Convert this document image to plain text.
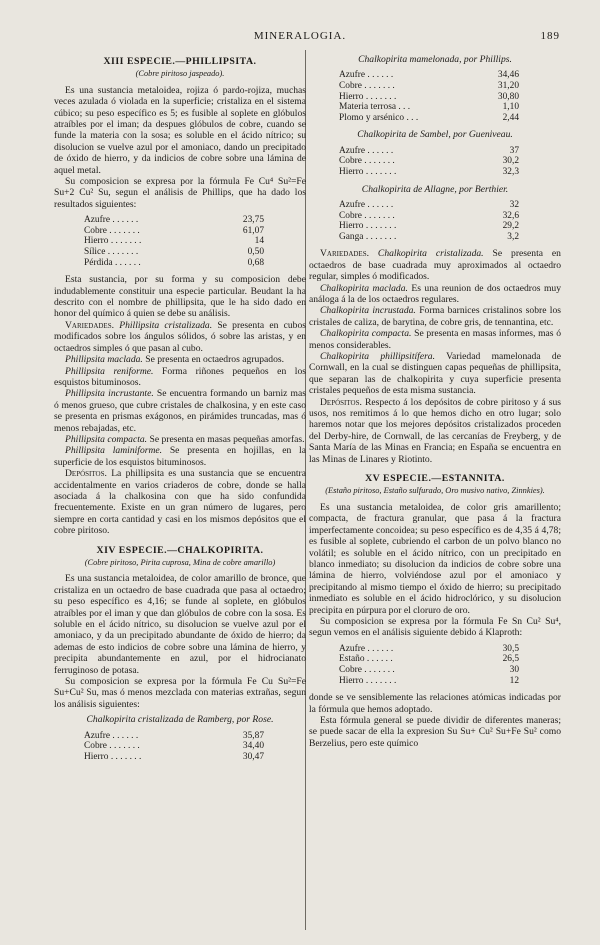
MINERALOGIA.	189
XIII ESPECIE.—PHILLIPSITA.
(Cobre piritoso jaspeado).

Es una sustancia metaloidea, rojiza ó pardo-rojiza, muchas veces azulada ó violada en la superficie; cristaliza en el sistema cúbico; su peso específico es 5; es fusible al soplete en glóbulos atraíbles por el iman; da despues glóbulos de cobre, cuando se funde la materia con la sosa; es soluble en el ácido nítrico; su disolucion se vuelve azul por el amoniaco, dando un precipitado de óxido de hierro, y da indicios de cobre sobre una lámina de aquel metal.

Su composicion se expresa por la fórmula Fe Cu⁴ Su²=Fe Su+2 Cu² Su, segun el análisis de Phillips, que ha dado los resultados siguientes:

Azufre . . . . . .	23,75
Cobre . . . . . . .	61,07
Hierro . . . . . . .	14
Sílice . . . . . . .	0,50
Pérdida . . . . . .	0,68

Esta sustancia, por su forma y su composicion debe indudablemente constituir una especie particular. Beudant la ha descrito con el nombre de phillipsita, que le ha sido dado en honor del químico á quien se debe su análisis.

Variedades. Phillipsita cristalizada. Se presenta en cubos modificados sobre los ángulos sólidos, ó sobre las aristas, y en octaedros simples ó que pasan al cubo.

Phillipsita maclada. Se presenta en octaedros agrupados.

Phillipsita reniforme. Forma riñones pequeños en los esquistos bituminosos.

Phillipsita incrustante. Se encuentra formando un barniz mas ó menos grueso, que cubre cristales de chalkosina, y en este caso se presenta en prismas exágonos, en pirámides truncadas, mas ó menos rebajadas, etc.

Phillipsita compacta. Se presenta en masas pequeñas amorfas.

Phillipsita laminiforme. Se presenta en hojillas, en la superficie de los esquistos bituminosos.

Depósitos. La phillipsita es una sustancia que se encuentra accidentalmente en varios criaderos de cobre, donde se halla asociada á la chalkosina con que ha sido confundida frecuentemente. Existe en un gran número de lugares, pero siempre en corta cantidad y casi en los mismos depósitos que el cobre piritoso.

XIV ESPECIE.—CHALKOPIRITA.
(Cobre piritoso, Pirita cuprosa, Mina de cobre amarillo)

Es una sustancia metaloidea, de color amarillo de bronce, que cristaliza en un octaedro de base cuadrada que pasa al octaedro; su peso específico es 4,16; se funde al soplete, en glóbulos atraíbles por el iman y que dan glóbulos de cobre con la sosa. Es soluble en el ácido nítrico, su disolucion se vuelve azul por el amoniaco, y da un precipitado abundante de óxido de hierro; da ademas de esto indicios de cobre sobre una lámina de hierro, y precipita abundantemente en azul, por el hidrocianato ferruginoso de potasa.

Su composicion se expresa por la fórmula Fe Cu Su²=Fe Su+Cu² Su, mas ó menos mezclada con materias extrañas, segun los análisis siguientes:

Chalkopirita cristalizada de Ramberg, por Rose.
Azufre . . . . . .	35,87
Cobre . . . . . . .	34,40
Hierro . . . . . . .	30,47
Chalkopirita mamelonada, por Phillips.
Azufre . . . . . .	34,46
Cobre . . . . . . .	31,20
Hierro . . . . . . .	30,80
Materia terrosa . . .	1,10
Plomo y arsénico . . .	2,44
Chalkopirita de Sambel, por Gueniveau.
Azufre . . . . . .	37
Cobre . . . . . . .	30,2
Hierro . . . . . . .	32,3
Chalkopirita de Allagne, por Berthier.
Azufre . . . . . .	32
Cobre . . . . . . .	32,6
Hierro . . . . . . .	29,2
Ganga . . . . . . .	3,2

Variedades. Chalkopirita cristalizada. Se presenta en octaedros de base cuadrada muy aproximados al octaedro regular, simples ó modificados.

Chalkopirita maclada. Es una reunion de dos octaedros muy análoga á la de los octaedros regulares.

Chalkopirita incrustada. Forma barnices cristalinos sobre los cristales de caliza, de barytina, de cobre gris, de tennantina, etc.

Chalkopirita compacta. Se presenta en masas informes, mas ó menos considerables.

Chalkopirita phillipsitífera. Variedad mamelonada de Cornwall, en la cual se distinguen capas pequeñas de phillipsita, que separan las de chalkopirita y cuya superficie presenta cristales pequeños de esta misma sustancia.

Depósitos. Respecto á los depósitos de cobre piritoso y á sus usos, nos remitimos á lo que hemos dicho en otro lugar; solo haremos notar que los mejores depósitos cristalizados proceden del Derby-hire, de Cornwall, de las cercanías de Freyberg, y de Santa María de las Minas en Francia; en España se encuentra en las Minas de Linares y Riotinto.

XV ESPECIE.—ESTANNITA.
(Estaño piritoso, Estaño sulfurado, Oro musivo nativo, Zinnkies).

Es una sustancia metaloidea, de color gris amarillento; compacta, de fractura granular, que pasa á la fractura imperfectamente concoidea; su peso específico es de 4,35 á 4,78; es fusible al soplete, cubriendo el carbon de un polvo blanco no volátil; es soluble en el ácido nítrico, con un precipitado en blanco inmediato; su disolucion da indicios de cobre sobre una lámina de hierro, volviéndose azul por el amoniaco y precipitando al mismo tiempo el óxido de hierro; su precipitado inmediato es soluble en el ácido hidroclórico, y su disolucion precipita en púrpura por el cloruro de oro.

Su composicion se expresa por la fórmula Fe Sn Cu² Su⁴, segun vemos en el análisis siguiente debido á Klaproth:

Azufre . . . . . .	30,5
Estaño . . . . . .	26,5
Cobre . . . . . . .	30
Hierro . . . . . . .	12

donde se ve sensiblemente las relaciones atómicas indicadas por la fórmula que hemos adoptado.

Esta fórmula general se puede dividir de diferentes maneras; se puede sacar de ella la expresion Su Su+ Cu² Su+Fe Su² como Berzelius, pero este químico
